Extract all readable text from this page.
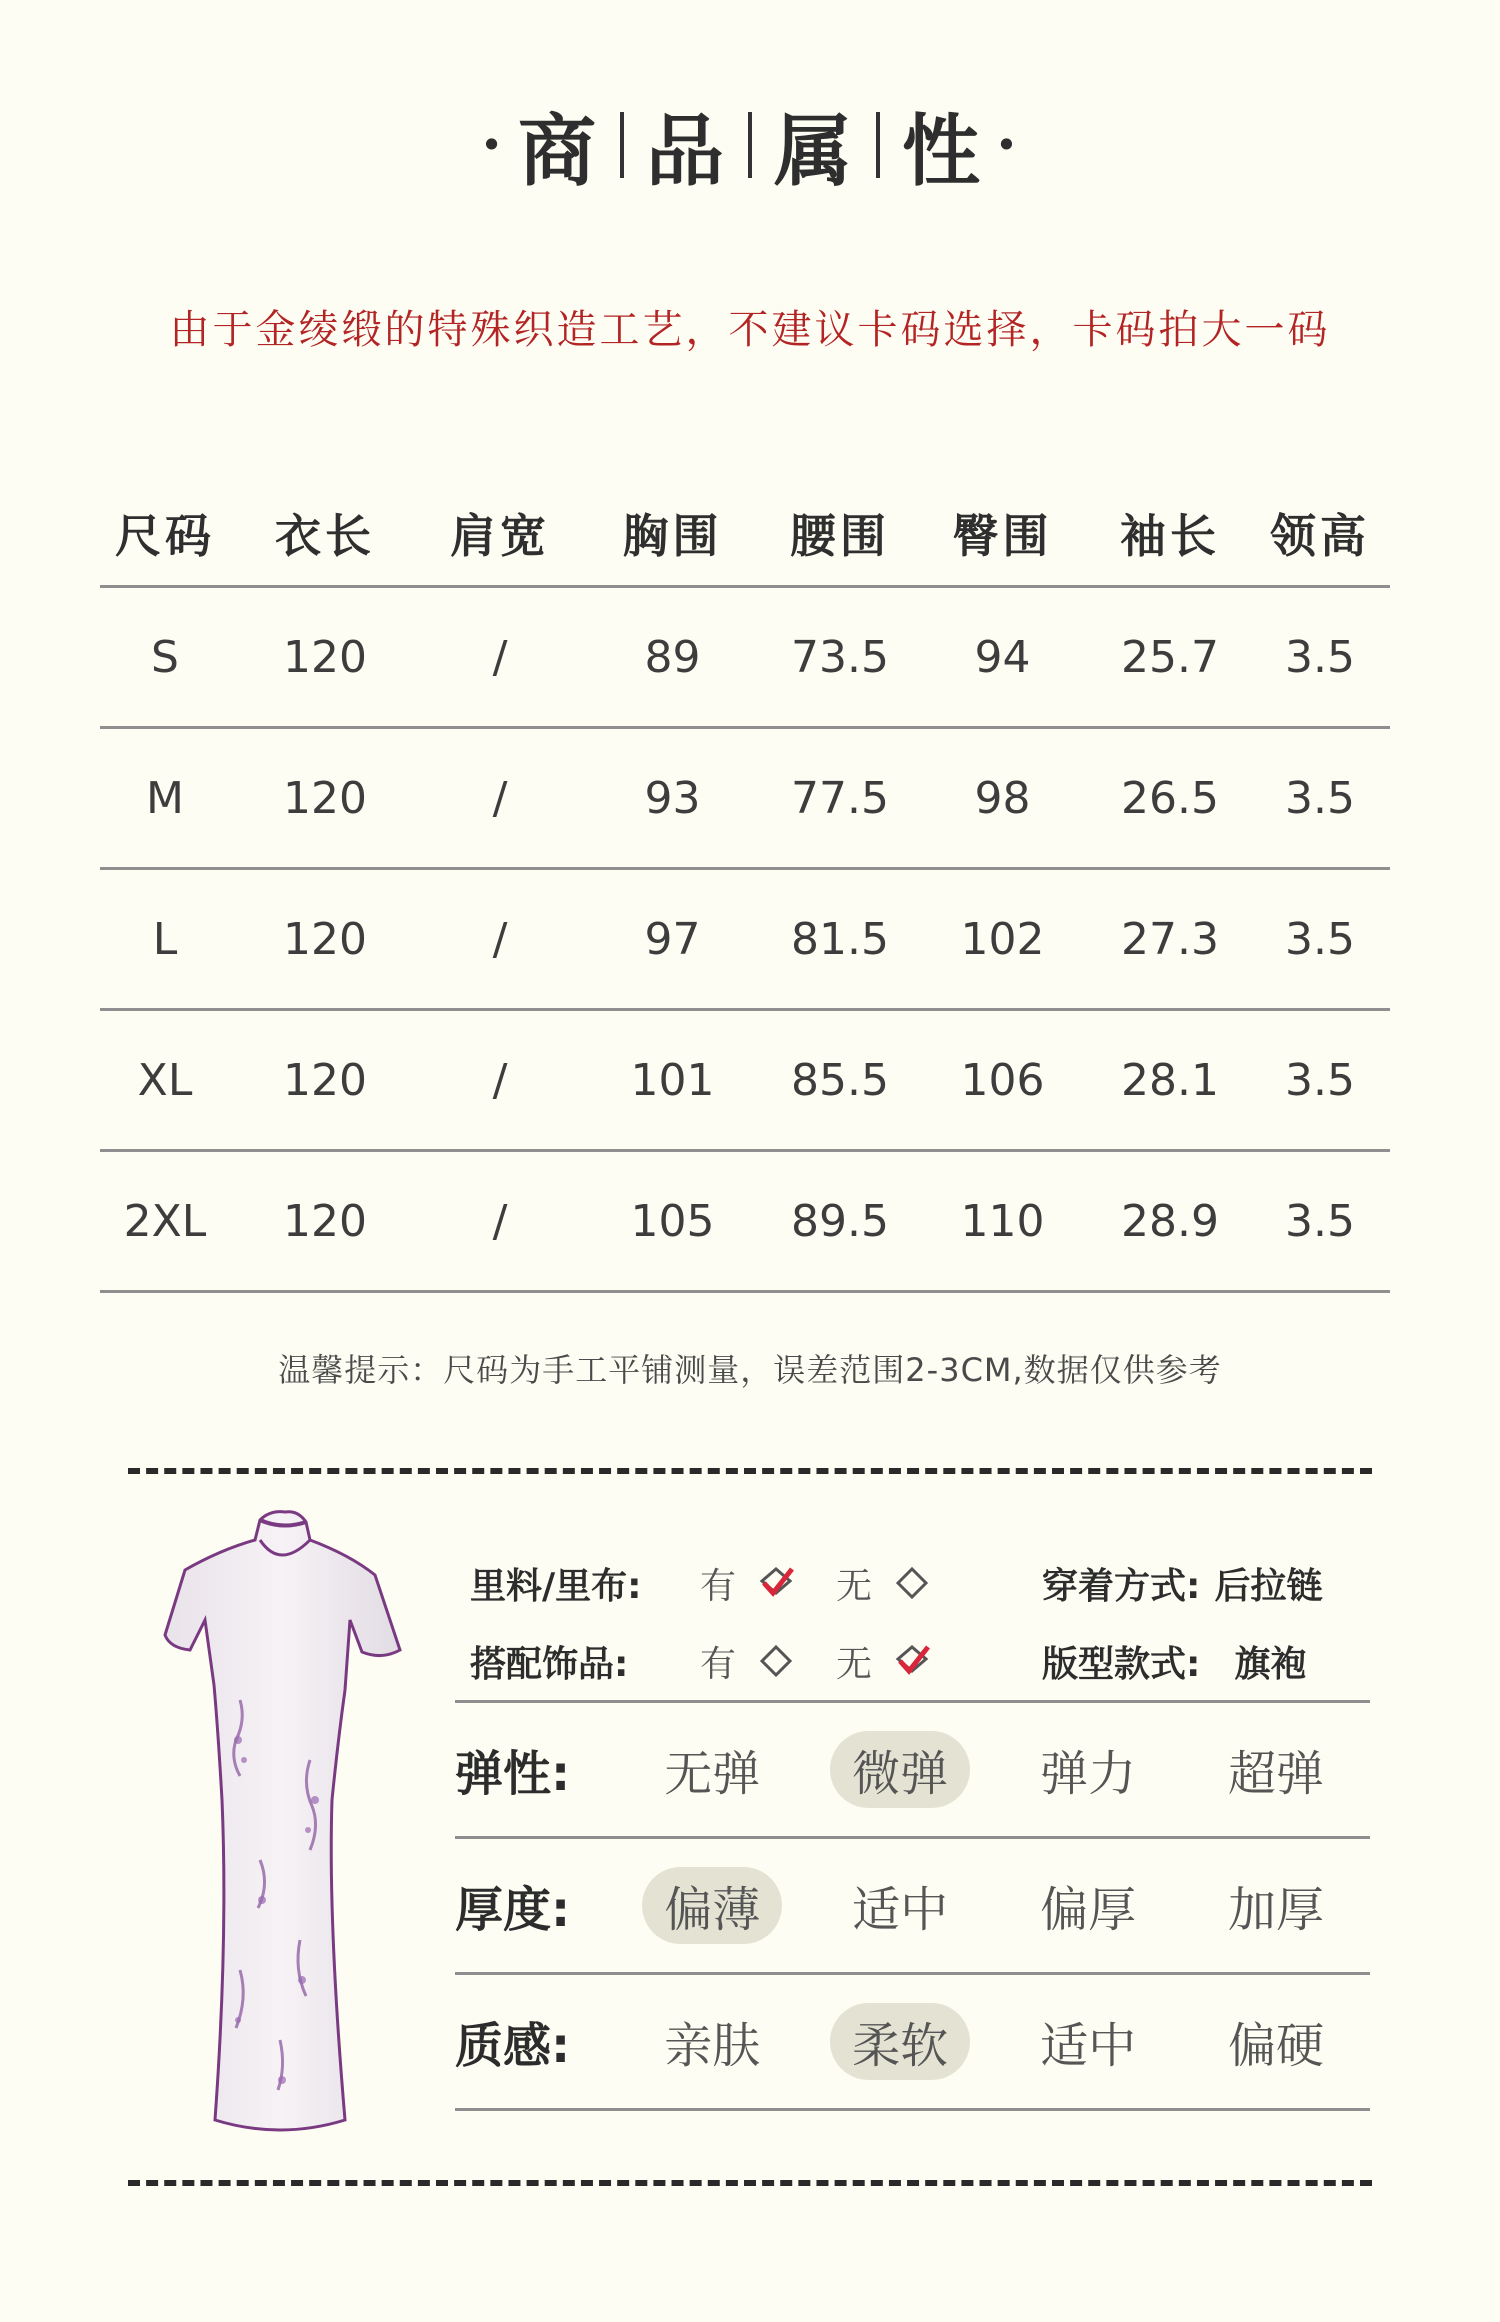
· 商 品 属 性 ·
由于金绫缎的特殊织造工艺，不建议卡码选择，卡码拍大一码
尺码	衣长	肩宽	胸围	腰围	臀围	袖长	领高
S	120	/	89	73.5	94	25.7	3.5
M	120	/	93	77.5	98	26.5	3.5
L	120	/	97	81.5	102	27.3	3.5
XL	120	/	101	85.5	106	28.1	3.5
2XL	120	/	105	89.5	110	28.9	3.5
温馨提示：尺码为手工平铺测量，误差范围2-3CM,数据仅供参考
里料/里布:	有	无	穿着方式: 后拉链
搭配饰品:	有	无	版型款式: 旗袍
弹性:	无弹	微弹	弹力	超弹
厚度:	偏薄	适中	偏厚	加厚
质感:	亲肤	柔软	适中	偏硬
